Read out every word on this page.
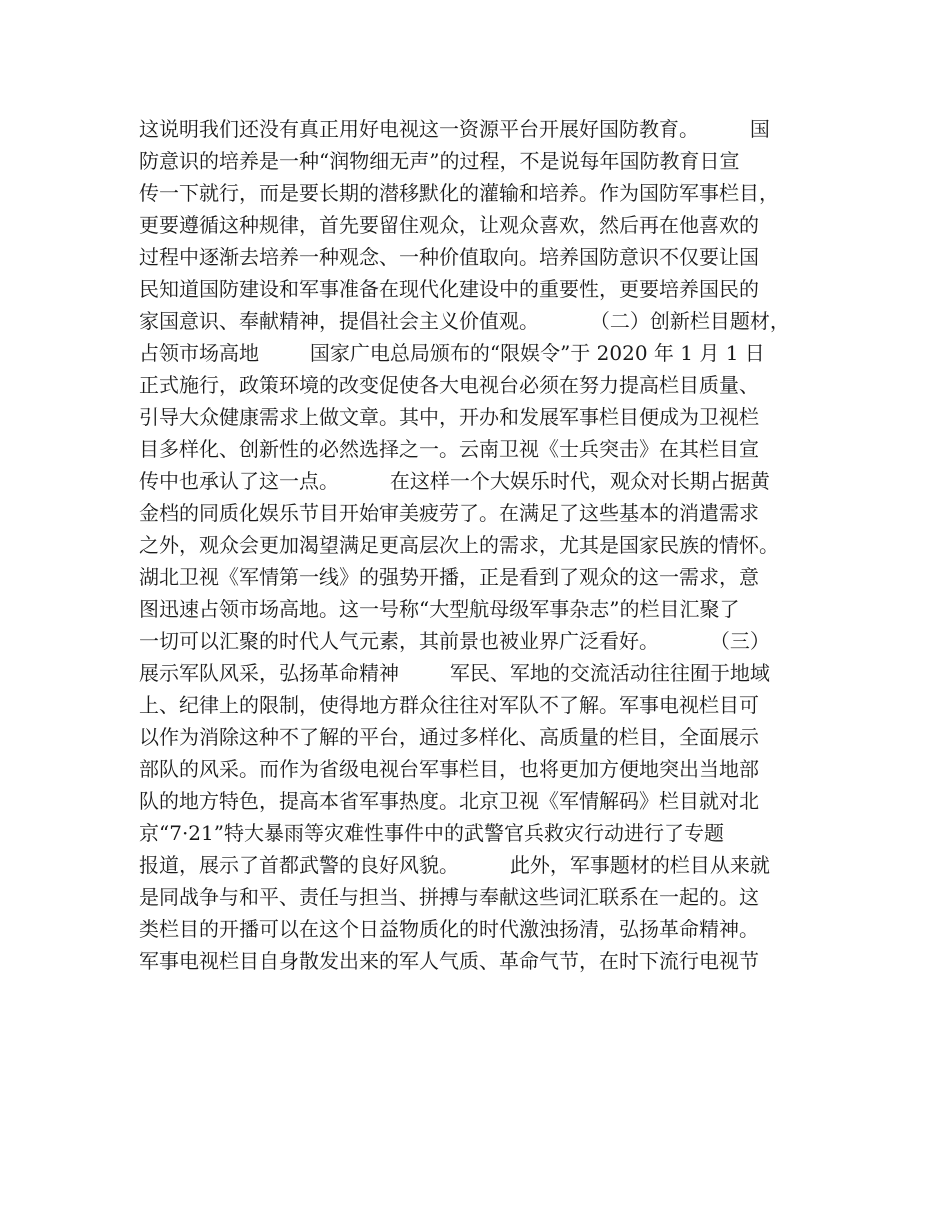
这说明我们还没有真正用好电视这一资源平台开展好国防教育。        国
防意识的培养是一种“润物细无声”的过程，不是说每年国防教育日宣
传一下就行，而是要长期的潜移默化的灌输和培养。作为国防军事栏目，
更要遵循这种规律，首先要留住观众，让观众喜欢，然后再在他喜欢的
过程中逐渐去培养一种观念、一种价值取向。培养国防意识不仅要让国
民知道国防建设和军事准备在现代化建设中的重要性，更要培养国民的
家国意识、奉献精神，提倡社会主义价值观。        （二）创新栏目题材，
占领市场高地        国家广电总局颁布的“限娱令”于 2020 年 1 月 1 日
正式施行，政策环境的改变促使各大电视台必须在努力提高栏目质量、
引导大众健康需求上做文章。其中，开办和发展军事栏目便成为卫视栏
目多样化、创新性的必然选择之一。云南卫视《士兵突击》在其栏目宣
传中也承认了这一点。        在这样一个大娱乐时代，观众对长期占据黄
金档的同质化娱乐节目开始审美疲劳了。在满足了这些基本的消遣需求
之外，观众会更加渴望满足更高层次上的需求，尤其是国家民族的情怀。
湖北卫视《军情第一线》的强势开播，正是看到了观众的这一需求，意
图迅速占领市场高地。这一号称“大型航母级军事杂志”的栏目汇聚了
一切可以汇聚的时代人气元素，其前景也被业界广泛看好。        （三）
展示军队风采，弘扬革命精神        军民、军地的交流活动往往囿于地域
上、纪律上的限制，使得地方群众往往对军队不了解。军事电视栏目可
以作为消除这种不了解的平台，通过多样化、高质量的栏目，全面展示
部队的风采。而作为省级电视台军事栏目，也将更加方便地突出当地部
队的地方特色，提高本省军事热度。北京卫视《军情解码》栏目就对北
京“7·21”特大暴雨等灾难性事件中的武警官兵救灾行动进行了专题
报道，展示了首都武警的良好风貌。        此外，军事题材的栏目从来就
是同战争与和平、责任与担当、拼搏与奉献这些词汇联系在一起的。这
类栏目的开播可以在这个日益物质化的时代激浊扬清，弘扬革命精神。
军事电视栏目自身散发出来的军人气质、革命气节，在时下流行电视节
